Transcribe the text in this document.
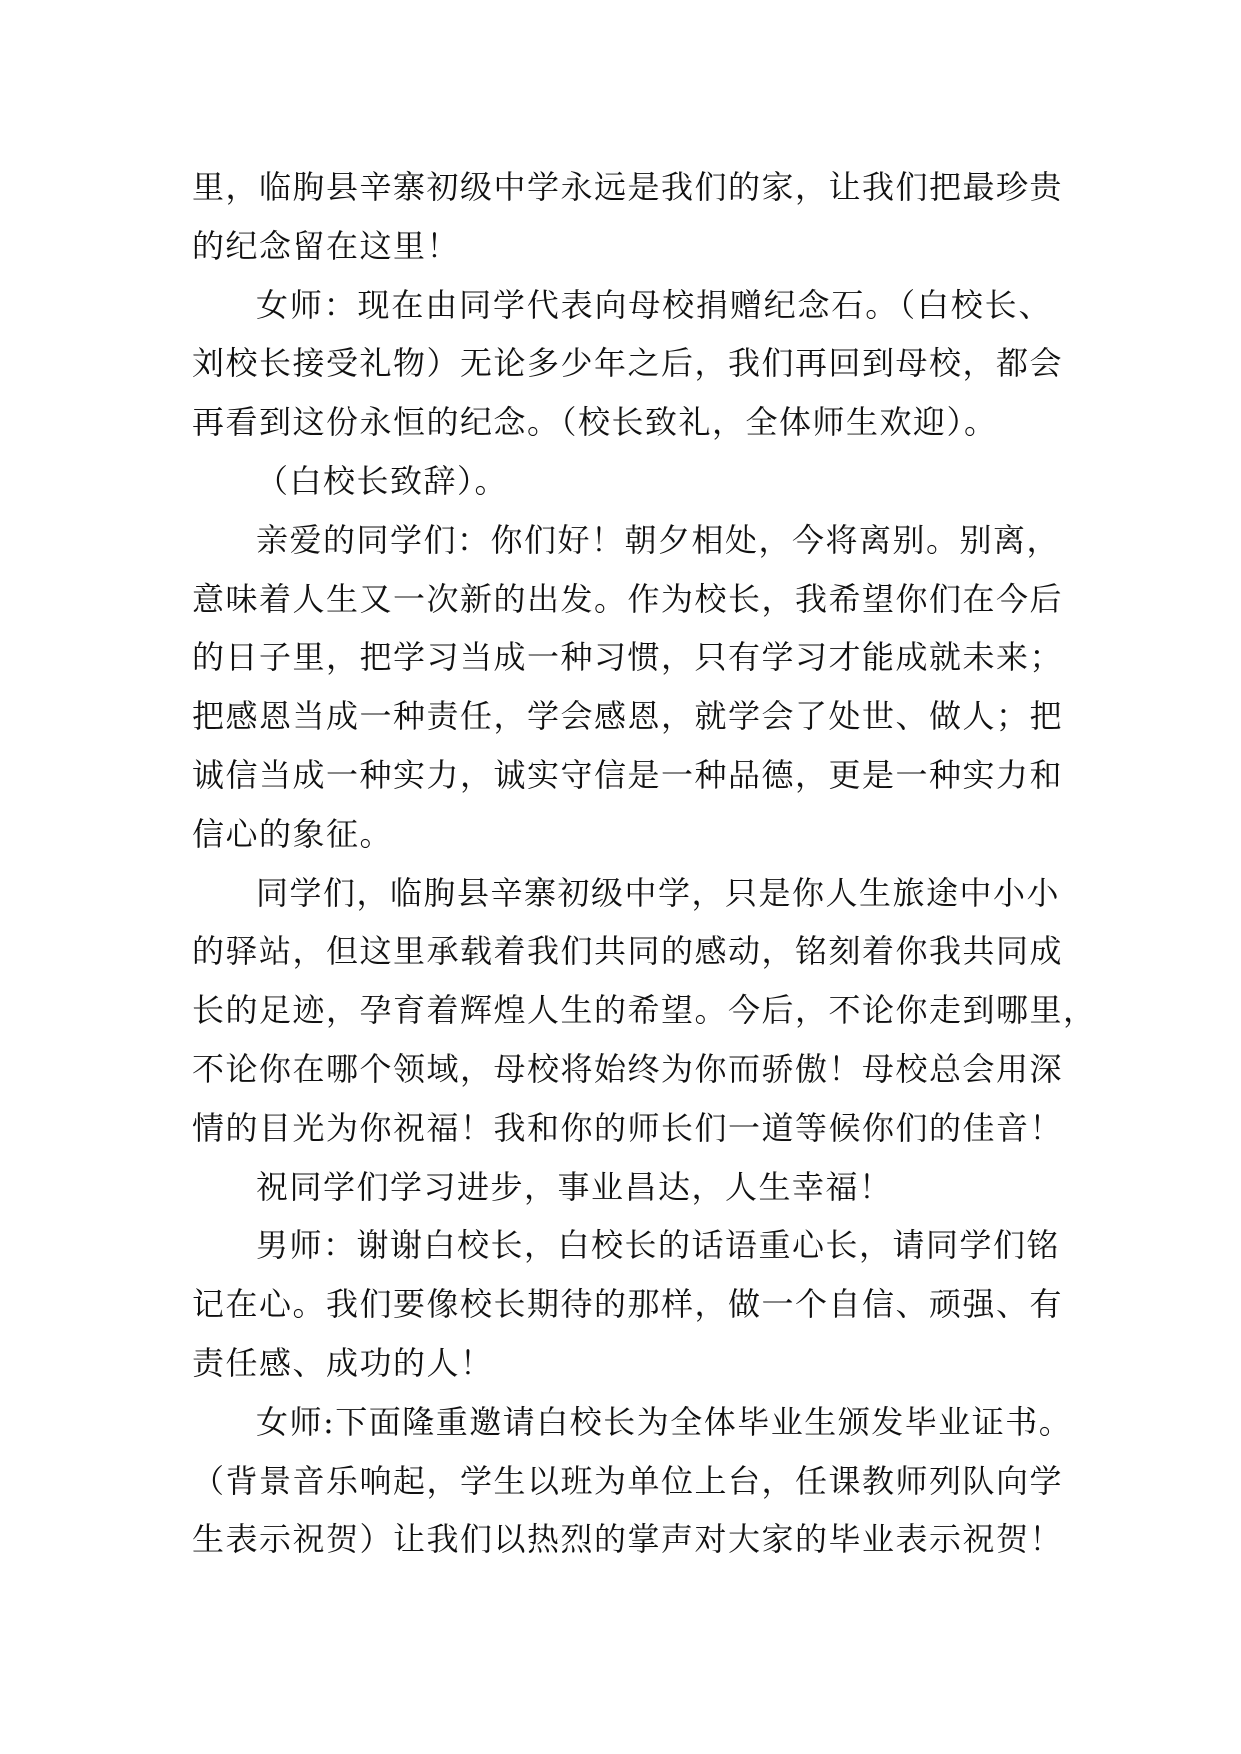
里，临朐县辛寨初级中学永远是我们的家，让我们把最珍贵
的纪念留在这里！
女师：现在由同学代表向母校捐赠纪念石。（白校长、
刘校长接受礼物）无论多少年之后，我们再回到母校，都会
再看到这份永恒的纪念。（校长致礼，全体师生欢迎）。
（白校长致辞）。
亲爱的同学们：你们好！朝夕相处，今将离别。别离，
意味着人生又一次新的出发。作为校长，我希望你们在今后
的日子里，把学习当成一种习惯，只有学习才能成就未来；
把感恩当成一种责任，学会感恩，就学会了处世、做人；把
诚信当成一种实力，诚实守信是一种品德，更是一种实力和
信心的象征。
同学们，临朐县辛寨初级中学，只是你人生旅途中小小
的驿站，但这里承载着我们共同的感动，铭刻着你我共同成
长的足迹，孕育着辉煌人生的希望。今后，不论你走到哪里，
不论你在哪个领域，母校将始终为你而骄傲！母校总会用深
情的目光为你祝福！我和你的师长们一道等候你们的佳音！
祝同学们学习进步，事业昌达，人生幸福！
男师：谢谢白校长，白校长的话语重心长，请同学们铭
记在心。我们要像校长期待的那样，做一个自信、顽强、有
责任感、成功的人！
女师:下面隆重邀请白校长为全体毕业生颁发毕业证书。
（背景音乐响起，学生以班为单位上台，任课教师列队向学
生表示祝贺）让我们以热烈的掌声对大家的毕业表示祝贺！
